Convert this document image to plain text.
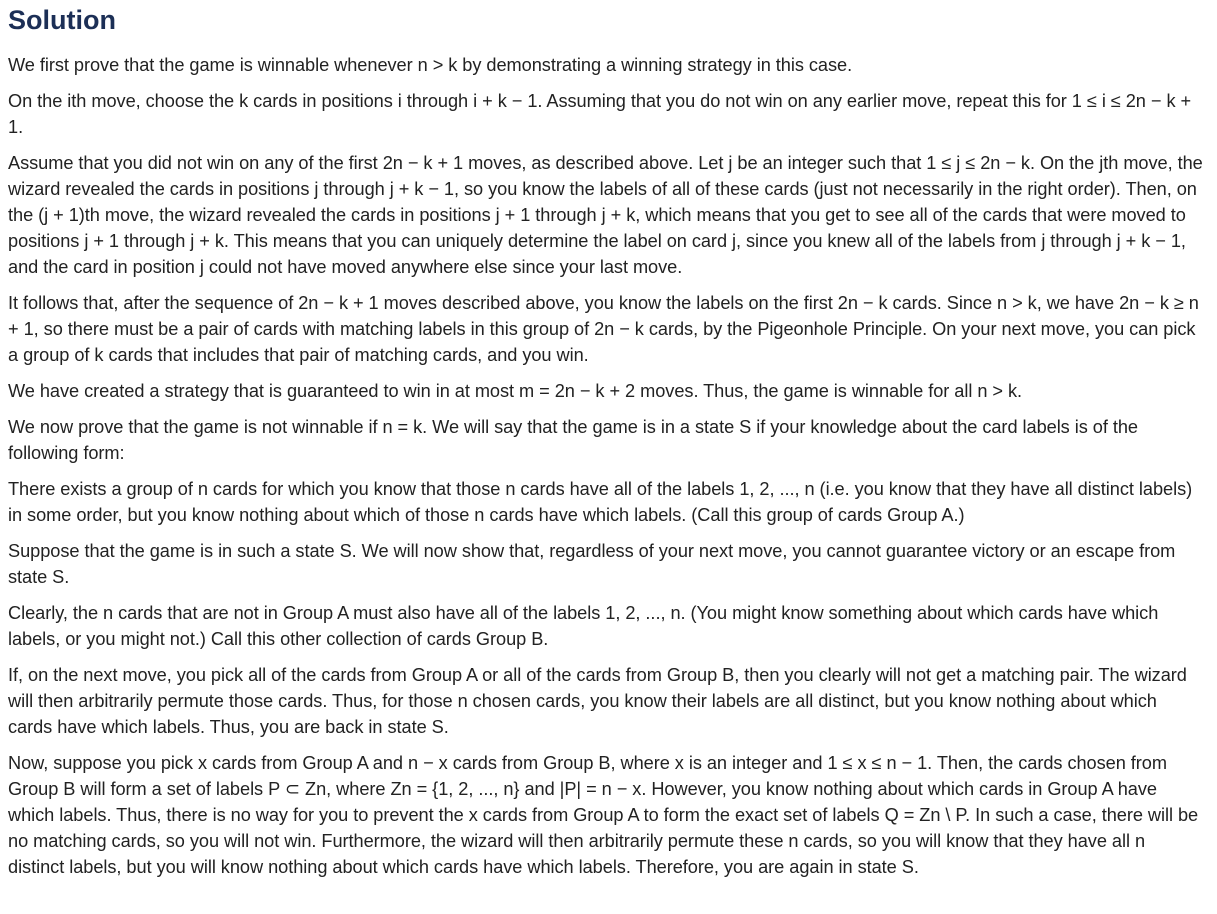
Solution

We first prove that the game is winnable whenever n > k by demonstrating a winning strategy in this case.

On the ith move, choose the k cards in positions i through i + k − 1. Assuming that you do not win on any earlier move, repeat this for 1 ≤ i ≤ 2n − k + 1.

Assume that you did not win on any of the first 2n − k + 1 moves, as described above. Let j be an integer such that 1 ≤ j ≤ 2n − k. On the jth move, the wizard revealed the cards in positions j through j + k − 1, so you know the labels of all of these cards (just not necessarily in the right order). Then, on the (j + 1)th move, the wizard revealed the cards in positions j + 1 through j + k, which means that you get to see all of the cards that were moved to positions j + 1 through j + k. This means that you can uniquely determine the label on card j, since you knew all of the labels from j through j + k − 1, and the card in position j could not have moved anywhere else since your last move.

It follows that, after the sequence of 2n − k + 1 moves described above, you know the labels on the first 2n − k cards. Since n > k, we have 2n − k ≥ n + 1, so there must be a pair of cards with matching labels in this group of 2n − k cards, by the Pigeonhole Principle. On your next move, you can pick a group of k cards that includes that pair of matching cards, and you win.

We have created a strategy that is guaranteed to win in at most m = 2n − k + 2 moves. Thus, the game is winnable for all n > k.

We now prove that the game is not winnable if n = k. We will say that the game is in a state S if your knowledge about the card labels is of the following form:

There exists a group of n cards for which you know that those n cards have all of the labels 1, 2, ..., n (i.e. you know that they have all distinct labels) in some order, but you know nothing about which of those n cards have which labels. (Call this group of cards Group A.)

Suppose that the game is in such a state S. We will now show that, regardless of your next move, you cannot guarantee victory or an escape from state S.

Clearly, the n cards that are not in Group A must also have all of the labels 1, 2, ..., n. (You might know something about which cards have which labels, or you might not.) Call this other collection of cards Group B.

If, on the next move, you pick all of the cards from Group A or all of the cards from Group B, then you clearly will not get a matching pair. The wizard will then arbitrarily permute those cards. Thus, for those n chosen cards, you know their labels are all distinct, but you know nothing about which cards have which labels. Thus, you are back in state S.

Now, suppose you pick x cards from Group A and n − x cards from Group B, where x is an integer and 1 ≤ x ≤ n − 1. Then, the cards chosen from Group B will form a set of labels P ⊂ Zn, where Zn = {1, 2, ..., n} and |P| = n − x. However, you know nothing about which cards in Group A have which labels. Thus, there is no way for you to prevent the x cards from Group A to form the exact set of labels Q = Zn \ P. In such a case, there will be no matching cards, so you will not win. Furthermore, the wizard will then arbitrarily permute these n cards, so you will know that they have all n distinct labels, but you will know nothing about which cards have which labels. Therefore, you are again in state S.
